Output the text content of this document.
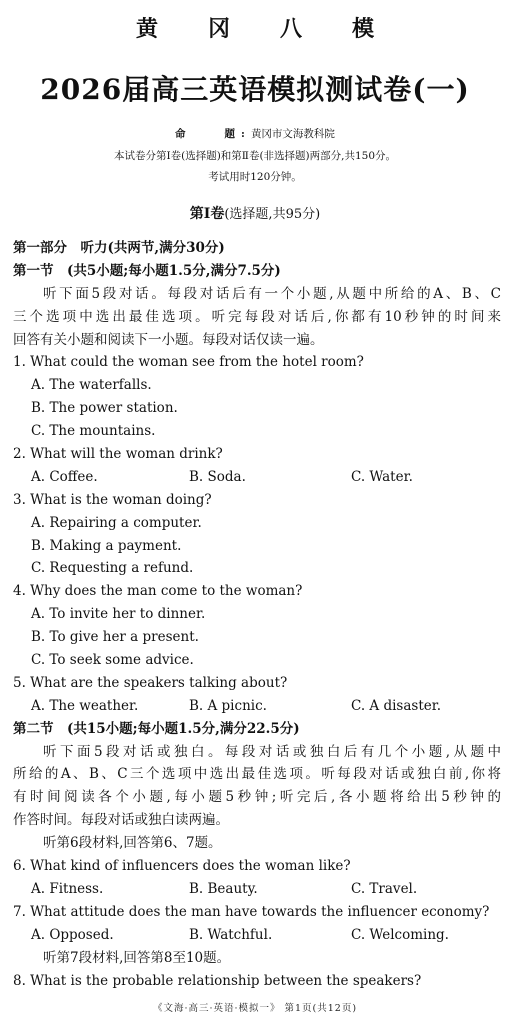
黄冈八模
2026届高三英语模拟测试卷(一)
命　　题:黄冈市文海教科院
本试卷分第Ⅰ卷(选择题)和第Ⅱ卷(非选择题)两部分,共150分。
考试用时120分钟。
第Ⅰ卷(选择题,共95分)
第一部分　听力(共两节,满分30分)
第一节　(共5小题;每小题1.5分,满分7.5分)
听下面5段对话。每段对话后有一个小题,从题中所给的A、B、C
三个选项中选出最佳选项。听完每段对话后,你都有10秒钟的时间来
回答有关小题和阅读下一小题。每段对话仅读一遍。
1. What could the woman see from the hotel room?
A. The waterfalls.
B. The power station.
C. The mountains.
2. What will the woman drink?
A. Coffee.	B. Soda.	C. Water.
3. What is the woman doing?
A. Repairing a computer.
B. Making a payment.
C. Requesting a refund.
4. Why does the man come to the woman?
A. To invite her to dinner.
B. To give her a present.
C. To seek some advice.
5. What are the speakers talking about?
A. The weather.	B. A picnic.	C. A disaster.
第二节　(共15小题;每小题1.5分,满分22.5分)
听下面5段对话或独白。每段对话或独白后有几个小题,从题中
所给的A、B、C三个选项中选出最佳选项。听每段对话或独白前,你将
有时间阅读各个小题,每小题5秒钟;听完后,各小题将给出5秒钟的
作答时间。每段对话或独白读两遍。
听第6段材料,回答第6、7题。
6. What kind of influencers does the woman like?
A. Fitness.	B. Beauty.	C. Travel.
7. What attitude does the man have towards the influencer economy?
A. Opposed.	B. Watchful.	C. Welcoming.
听第7段材料,回答第8至10题。
8. What is the probable relationship between the speakers?
《文海·高三·英语·模拟一》 第1页(共12页)
